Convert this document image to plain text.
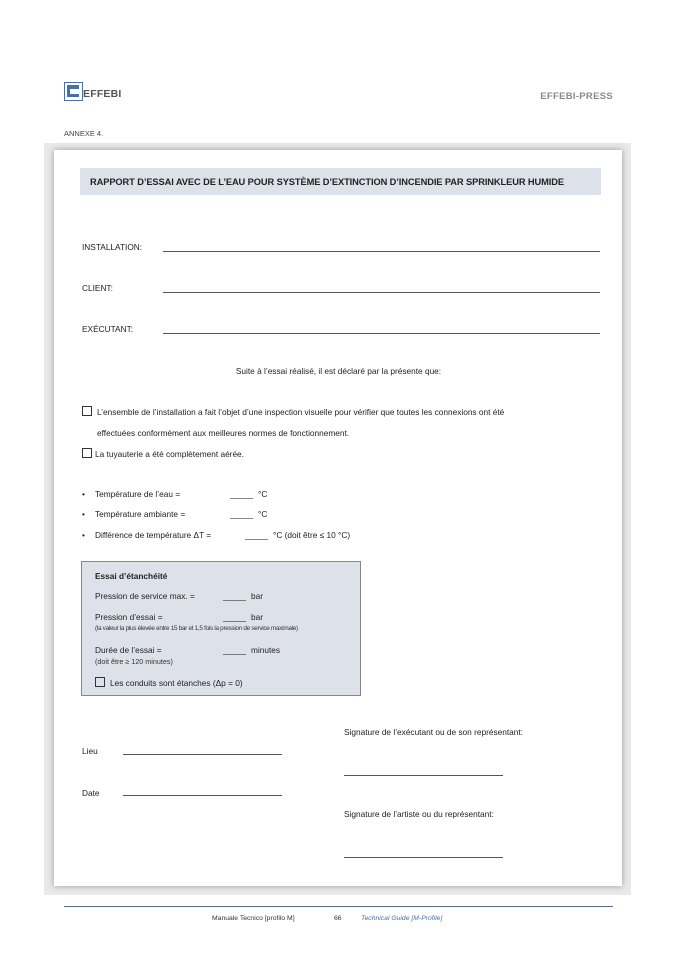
EFFEBI	EFFEBI-PRESS
ANNEXE 4.
RAPPORT D’ESSAI AVEC DE L’EAU POUR SYSTÈME D’EXTINCTION D’INCENDIE PAR SPRINKLEUR HUMIDE
INSTALLATION:
CLIENT:
EXÉCUTANT:
Suite à l’essai réalisé, il est déclaré par la présente que:
L’ensemble de l’installation a fait l’objet d’une inspection visuelle pour vérifier que toutes les connexions ont été
effectuées conformément aux meilleures normes de fonctionnement.
La tuyauterie a été complètement aérée.
• Température de l’eau =	_____ °C
• Température ambiante =	_____ °C
• Différence de température ΔT =	_____ °C (doit être ≤ 10 °C)
Essai d’étanchéité
Pression de service max. =	_____ bar
Pression d’essai =	_____ bar
(la valeur la plus élevée entre 15 bar et 1,5 fois la pression de service maximale)
Durée de l’essai =	_____ minutes
(doit être ≥ 120 minutes)
Les conduits sont étanches (Δp = 0)
Signature de l’exécutant ou de son représentant:
Lieu
Date
Signature de l’artiste ou du représentant:
Manuale Tecnico [profilo M]	66	Technical Guide [M-Profile]
